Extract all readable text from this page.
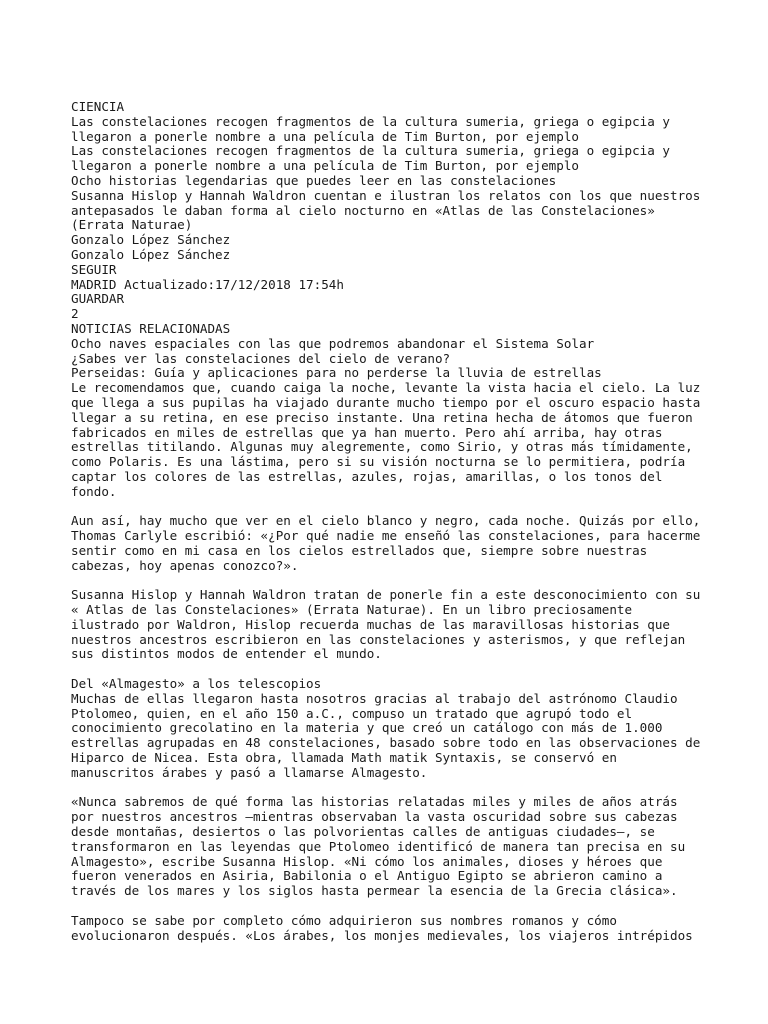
CIENCIA
Las constelaciones recogen fragmentos de la cultura sumeria, griega o egipcia y
llegaron a ponerle nombre a una película de Tim Burton, por ejemplo
Las constelaciones recogen fragmentos de la cultura sumeria, griega o egipcia y
llegaron a ponerle nombre a una película de Tim Burton, por ejemplo
Ocho historias legendarias que puedes leer en las constelaciones
Susanna Hislop y Hannah Waldron cuentan e ilustran los relatos con los que nuestros
antepasados le daban forma al cielo nocturno en «Atlas de las Constelaciones»
(Errata Naturae)
Gonzalo López Sánchez
Gonzalo López Sánchez
SEGUIR
MADRID Actualizado:17/12/2018 17:54h
GUARDAR
2
NOTICIAS RELACIONADAS
Ocho naves espaciales con las que podremos abandonar el Sistema Solar
¿Sabes ver las constelaciones del cielo de verano?
Perseidas: Guía y aplicaciones para no perderse la lluvia de estrellas
Le recomendamos que, cuando caiga la noche, levante la vista hacia el cielo. La luz
que llega a sus pupilas ha viajado durante mucho tiempo por el oscuro espacio hasta
llegar a su retina, en ese preciso instante. Una retina hecha de átomos que fueron
fabricados en miles de estrellas que ya han muerto. Pero ahí arriba, hay otras
estrellas titilando. Algunas muy alegremente, como Sirio, y otras más tímidamente,
como Polaris. Es una lástima, pero si su visión nocturna se lo permitiera, podría
captar los colores de las estrellas, azules, rojas, amarillas, o los tonos del
fondo.
Aun así, hay mucho que ver en el cielo blanco y negro, cada noche. Quizás por ello,
Thomas Carlyle escribió: «¿Por qué nadie me enseñó las constelaciones, para hacerme
sentir como en mi casa en los cielos estrellados que, siempre sobre nuestras
cabezas, hoy apenas conozco?».
Susanna Hislop y Hannah Waldron tratan de ponerle fin a este desconocimiento con su
« Atlas de las Constelaciones» (Errata Naturae). En un libro preciosamente
ilustrado por Waldron, Hislop recuerda muchas de las maravillosas historias que
nuestros ancestros escribieron en las constelaciones y asterismos, y que reflejan
sus distintos modos de entender el mundo.
Del «Almagesto» a los telescopios
Muchas de ellas llegaron hasta nosotros gracias al trabajo del astrónomo Claudio
Ptolomeo, quien, en el año 150 a.C., compuso un tratado que agrupó todo el
conocimiento grecolatino en la materia y que creó un catálogo con más de 1.000
estrellas agrupadas en 48 constelaciones, basado sobre todo en las observaciones de
Hiparco de Nicea. Esta obra, llamada Math matik Syntaxis, se conservó en
manuscritos árabes y pasó a llamarse Almagesto.
«Nunca sabremos de qué forma las historias relatadas miles y miles de años atrás
por nuestros ancestros –mientras observaban la vasta oscuridad sobre sus cabezas
desde montañas, desiertos o las polvorientas calles de antiguas ciudades–, se
transformaron en las leyendas que Ptolomeo identificó de manera tan precisa en su
Almagesto», escribe Susanna Hislop. «Ni cómo los animales, dioses y héroes que
fueron venerados en Asiria, Babilonia o el Antiguo Egipto se abrieron camino a
través de los mares y los siglos hasta permear la esencia de la Grecia clásica».
Tampoco se sabe por completo cómo adquirieron sus nombres romanos y cómo
evolucionaron después. «Los árabes, los monjes medievales, los viajeros intrépidos
